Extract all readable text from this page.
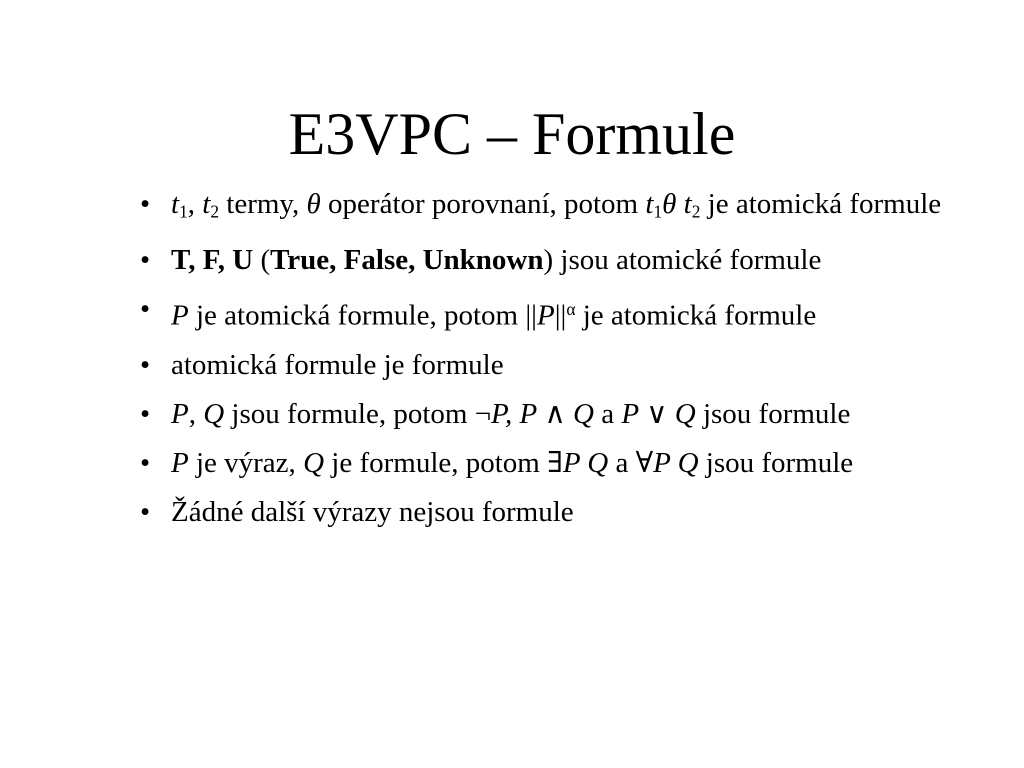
E3VPC – Formule
• $t_1$, $t_2$ termy, θ operátor porovnaní, potom $t_1\theta$ $t_2$ je atomická formule
• T, F, U (True, False, Unknown) jsou atomické formule
• P je atomická formule, potom $||P||^\alpha$ je atomická formule
• atomická formule je formule
• P, Q jsou formule, potom ¬P, P ∧ Q a P ∨ Q jsou formule
• P je výraz, Q je formule, potom ∃P Q a ∀P Q jsou formule
• Žádné další výrazy nejsou formule
